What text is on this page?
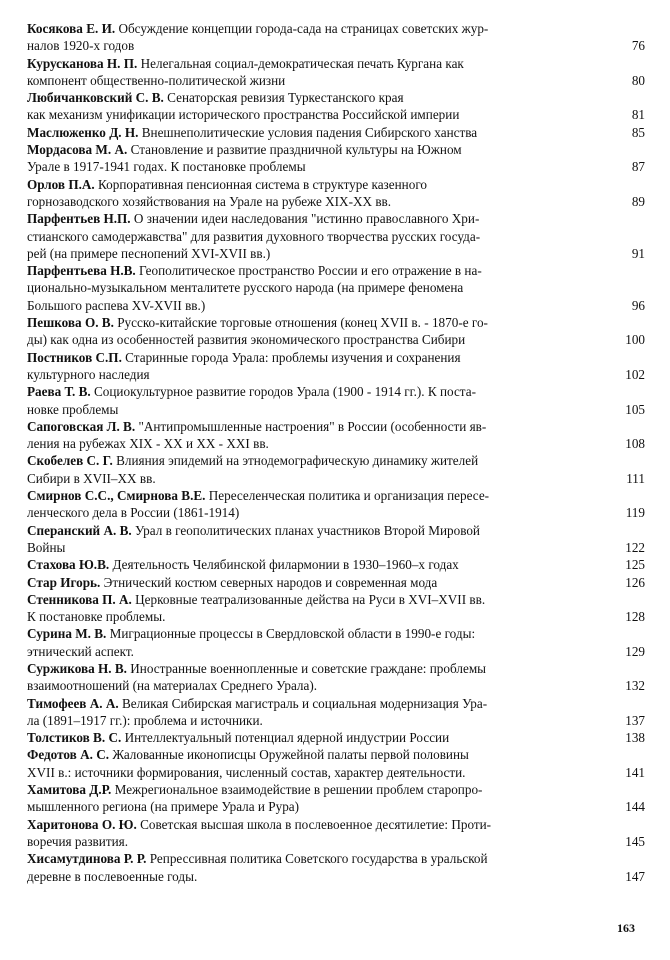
Косякова Е. И. Обсуждение концепции города-сада на страницах советских жур-
налов 1920-х годов	76
Курусканова Н. П. Нелегальная социал-демократическая печать Кургана как
компонент общественно-политической жизни	80
Любичанковский С. В. Сенаторская ревизия Туркестанского края
как механизм унификации исторического пространства Российской империи	81
Маслюженко Д. Н. Внешнеполитические условия падения Сибирского ханства	85
Мордасова М. А. Становление и развитие праздничной культуры на Южном
Урале в 1917-1941 годах. К постановке проблемы	87
Орлов П.А. Корпоративная пенсионная система в структуре казенного
горнозаводского хозяйствования на Урале на рубеже XIX-XX вв.	89
Парфентьев Н.П. О значении идеи наследования "истинно православного Хри-
стианского самодержавства" для развития духовного творчества русских госуда-
рей (на примере песнопений XVI-XVII вв.)	91
Парфентьева Н.В. Геополитическое пространство России и его отражение в на-
ционально-музыкальном менталитете русского народа (на примере феномена
Большого распева XV-XVII вв.)	96
Пешкова О. В. Русско-китайские торговые отношения (конец XVII в. - 1870-е го-
ды) как одна из особенностей развития экономического пространства Сибири	100
Постников С.П. Старинные города Урала: проблемы изучения и сохранения
культурного наследия	102
Раева Т. В. Социокультурное развитие городов Урала (1900 - 1914 гг.). К поста-
новке проблемы	105
Сапоговская Л. В. "Антипромышленные настроения" в России (особенности яв-
ления на рубежах XIX - XX и XX - XXI вв.	108
Скобелев С. Г. Влияния эпидемий на этнодемографическую динамику жителей
Сибири в XVII–XX вв.	111
Смирнов С.С., Смирнова В.Е. Переселенческая политика и организация пересе-
ленческого дела в России (1861-1914)	119
Сперанский А. В. Урал в геополитических планах участников Второй Мировой
Войны	122
Стахова Ю.В. Деятельность Челябинской филармонии в 1930–1960–х годах	125
Стар Игорь. Этнический костюм северных народов и современная мода	126
Стенникова П. А. Церковные театрализованные действа на Руси в XVI–XVII вв.
К постановке проблемы.	128
Сурина М. В. Миграционные процессы в Свердловской области в 1990-е годы:
этнический аспект.	129
Суржикова Н. В. Иностранные военнопленные и советские граждане: проблемы
взаимоотношений (на материалах Среднего Урала).	132
Тимофеев А. А. Великая Сибирская магистраль и социальная модернизация Ура-
ла (1891–1917 гг.): проблема и источники.	137
Толстиков В. С. Интеллектуальный потенциал ядерной индустрии России	138
Федотов А. С. Жалованные иконописцы Оружейной палаты первой половины
XVII в.: источники формирования, численный состав, характер деятельности.	141
Хамитова Д.Р. Межрегиональное взаимодействие в решении проблем старопро-
мышленного региона (на примере Урала и Рура)	144
Харитонова О. Ю. Советская высшая школа в послевоенное десятилетие: Проти-
воречия развития.	145
Хисамутдинова Р. Р. Репрессивная политика Советского государства в уральской
деревне в послевоенные годы.	147
163
